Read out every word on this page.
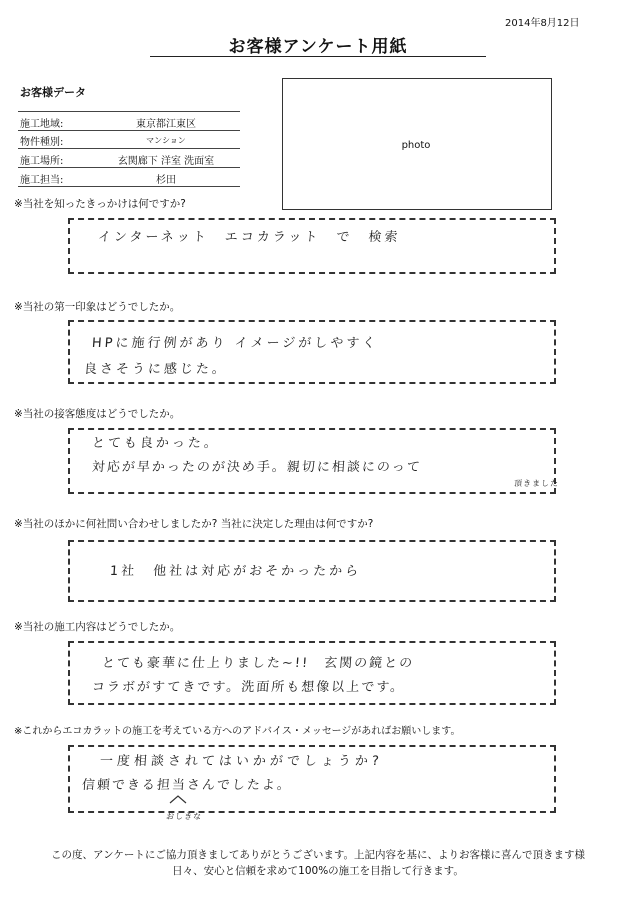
2014年8月12日
お客様アンケート用紙
お客様データ
施工地域:	東京都江東区
物件種別:	マンション
施工場所:	玄関廊下 洋室 洗面室
施工担当:	杉田
photo
※当社を知ったきっかけは何ですか?
インターネット　エコカラット　で　検索
※当社の第一印象はどうでしたか。
HPに施行例があり イメージがしやすく
良さそうに感じた。
※当社の接客態度はどうでしたか。
とても良かった。
対応が早かったのが決め手。親切に相談にのって
頂きました
※当社のほかに何社問い合わせしましたか? 当社に決定した理由は何ですか?
1社　他社は対応がおそかったから
※当社の施工内容はどうでしたか。
とても豪華に仕上りました~!!　玄関の鏡との
コラボがすてきです。洗面所も想像以上です。
※これからエコカラットの施工を考えている方へのアドバイス・メッセージがあればお願いします。
一度相談されてはいかがでしょうか?
信頼できる担当さんでしたよ。
おしきな
この度、アンケートにご協力頂きましてありがとうございます。上記内容を基に、よりお客様に喜んで頂きます様
日々、安心と信頼を求めて100%の施工を目指して行きます。
